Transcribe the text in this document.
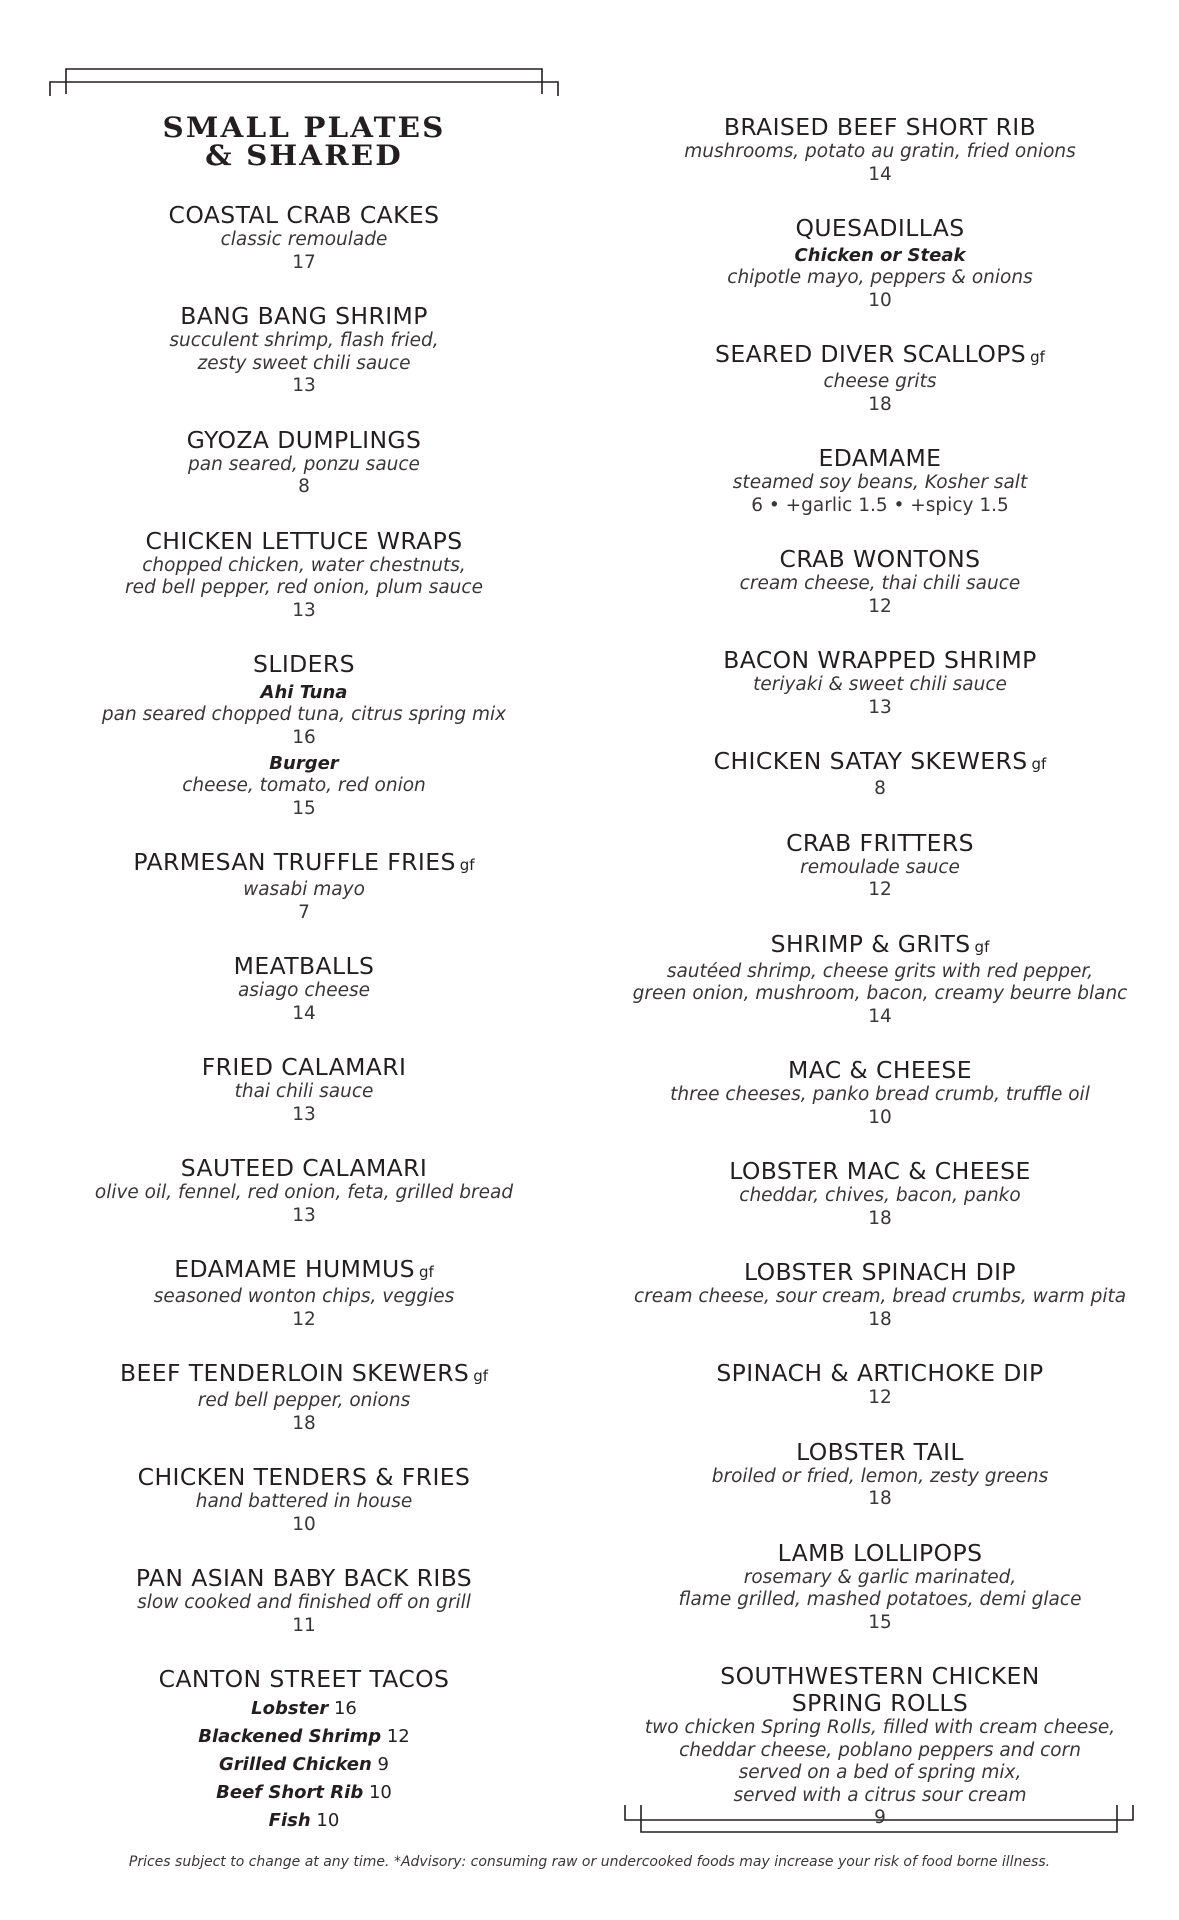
SMALL PLATES
& SHARED
COASTAL CRAB CAKES
classic remoulade
17
BANG BANG SHRIMP
succulent shrimp, flash fried,
zesty sweet chili sauce
13
GYOZA DUMPLINGS
pan seared, ponzu sauce
8
CHICKEN LETTUCE WRAPS
chopped chicken, water chestnuts,
red bell pepper, red onion, plum sauce
13
SLIDERS
Ahi Tuna
pan seared chopped tuna, citrus spring mix
16
Burger
cheese, tomato, red onion
15
PARMESAN TRUFFLE FRIES gf
wasabi mayo
7
MEATBALLS
asiago cheese
14
FRIED CALAMARI
thai chili sauce
13
SAUTEED CALAMARI
olive oil, fennel, red onion, feta, grilled bread
13
EDAMAME HUMMUS gf
seasoned wonton chips, veggies
12
BEEF TENDERLOIN SKEWERS gf
red bell pepper, onions
18
CHICKEN TENDERS & FRIES
hand battered in house
10
PAN ASIAN BABY BACK RIBS
slow cooked and finished off on grill
11
CANTON STREET TACOS
Lobster 16
Blackened Shrimp 12
Grilled Chicken 9
Beef Short Rib 10
Fish 10
BRAISED BEEF SHORT RIB
mushrooms, potato au gratin, fried onions
14
QUESADILLAS
Chicken or Steak
chipotle mayo, peppers & onions
10
SEARED DIVER SCALLOPS gf
cheese grits
18
EDAMAME
steamed soy beans, Kosher salt
6 • +garlic 1.5 • +spicy 1.5
CRAB WONTONS
cream cheese, thai chili sauce
12
BACON WRAPPED SHRIMP
teriyaki & sweet chili sauce
13
CHICKEN SATAY SKEWERS gf
8
CRAB FRITTERS
remoulade sauce
12
SHRIMP & GRITS gf
sautéed shrimp, cheese grits with red pepper,
green onion, mushroom, bacon, creamy beurre blanc
14
MAC & CHEESE
three cheeses, panko bread crumb, truffle oil
10
LOBSTER MAC & CHEESE
cheddar, chives, bacon, panko
18
LOBSTER SPINACH DIP
cream cheese, sour cream, bread crumbs, warm pita
18
SPINACH & ARTICHOKE DIP
12
LOBSTER TAIL
broiled or fried, lemon, zesty greens
18
LAMB LOLLIPOPS
rosemary & garlic marinated,
flame grilled, mashed potatoes, demi glace
15
SOUTHWESTERN CHICKEN
SPRING ROLLS
two chicken Spring Rolls, filled with cream cheese,
cheddar cheese, poblano peppers and corn
served on a bed of spring mix,
served with a citrus sour cream
9
Prices subject to change at any time. *Advisory: consuming raw or undercooked foods may increase your risk of food borne illness.
